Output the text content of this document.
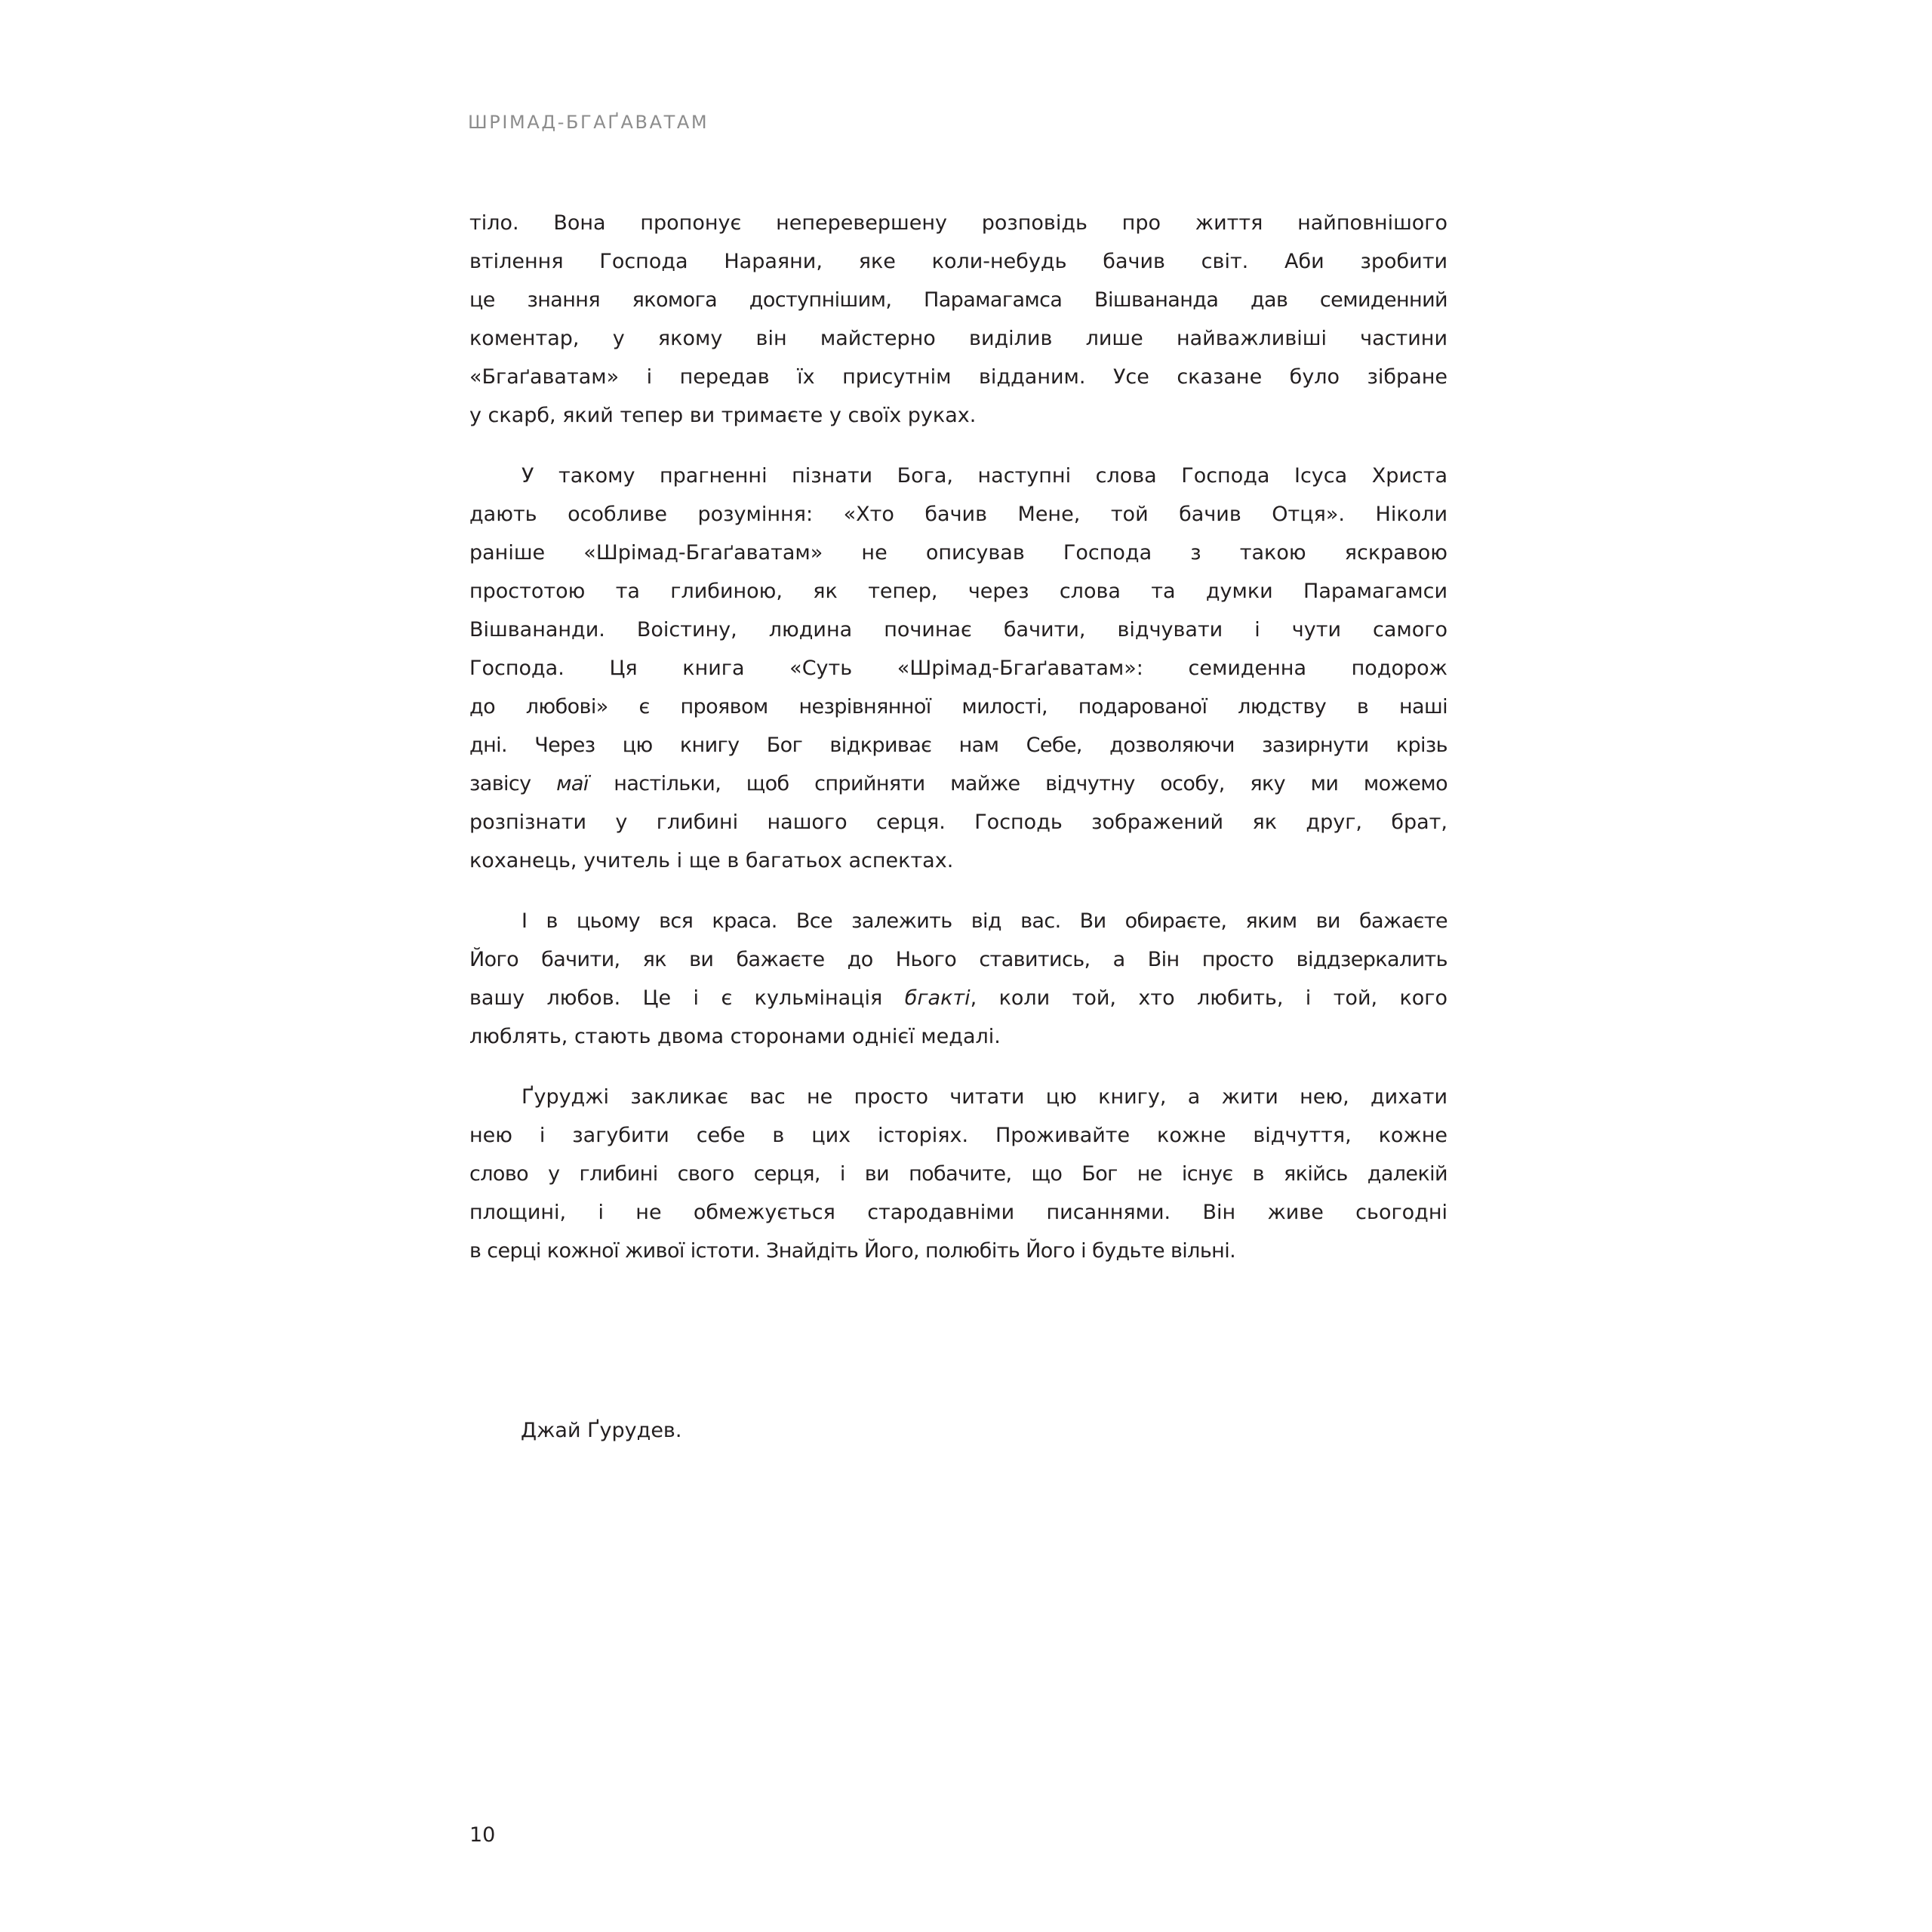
ШРІМАД-БГАҐАВАТАМ
тіло. Вона пропонує неперевершену розповідь про життя найповнішого
втілення Господа Нараяни, яке коли-небудь бачив світ. Аби зробити
це знання якомога доступнішим, Парамагамса Вішвананда дав семиденний
коментар, у якому він майстерно виділив лише найважливіші частини
«Бгаґаватам» і передав їх присутнім відданим. Усе сказане було зібране
у скарб, який тепер ви тримаєте у своїх руках.
У такому прагненні пізнати Бога, наступні слова Господа Ісуса Христа
дають особливе розуміння: «Хто бачив Мене, той бачив Отця». Ніколи
раніше «Шрімад-Бгаґаватам» не описував Господа з такою яскравою
простотою та глибиною, як тепер, через слова та думки Парамагамси
Вішвананди. Воістину, людина починає бачити, відчувати і чути самого
Господа. Ця книга «Суть «Шрімад-Бгаґаватам»: семиденна подорож
до любові» є проявом незрівнянної милості, подарованої людству в наші
дні. Через цю книгу Бог відкриває нам Себе, дозволяючи зазирнути крізь
завісу маї настільки, щоб сприйняти майже відчутну особу, яку ми можемо
розпізнати у глибині нашого серця. Господь зображений як друг, брат,
коханець, учитель і ще в багатьох аспектах.
І в цьому вся краса. Все залежить від вас. Ви обираєте, яким ви бажаєте
Його бачити, як ви бажаєте до Нього ставитись, а Він просто віддзеркалить
вашу любов. Це і є кульмінація бгакті, коли той, хто любить, і той, кого
люблять, стають двома сторонами однієї медалі.
Ґуруджі закликає вас не просто читати цю книгу, а жити нею, дихати
нею і загубити себе в цих історіях. Проживайте кожне відчуття, кожне
слово у глибині свого серця, і ви побачите, що Бог не існує в якійсь далекій
площині, і не обмежується стародавніми писаннями. Він живе сьогодні
в серці кожної живої істоти. Знайдіть Його, полюбіть Його і будьте вільні.
Джай Ґурудев.
10
